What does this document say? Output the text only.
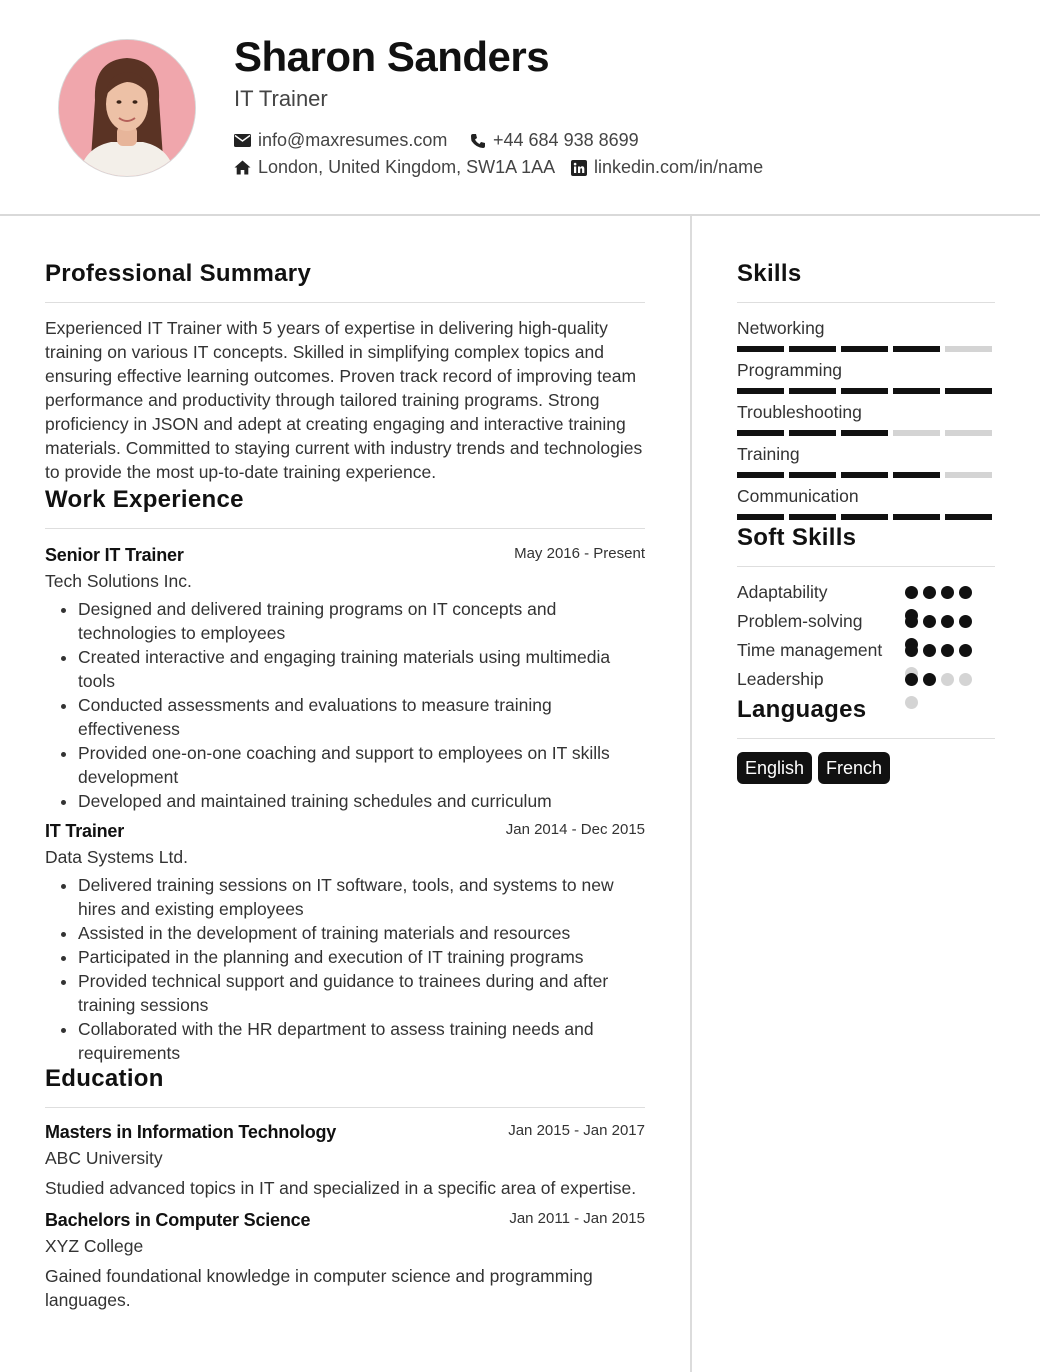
Sharon Sanders
IT Trainer
info@maxresumes.com	+44 684 938 8699
London, United Kingdom, SW1A 1AA linkedin.com/in/name
Professional Summary

Experienced IT Trainer with 5 years of expertise in delivering high-quality training on various IT concepts. Skilled in simplifying complex topics and ensuring effective learning outcomes. Proven track record of improving team performance and productivity through tailored training programs. Strong proficiency in JSON and adept at creating engaging and interactive training materials. Committed to staying current with industry trends and technologies to provide the most up-to-date training experience.

Work Experience
Senior IT Trainer	May 2016 - Present
Tech Solutions Inc.
• Designed and delivered training programs on IT concepts and technologies to employees
• Created interactive and engaging training materials using multimedia tools
• Conducted assessments and evaluations to measure training effectiveness
• Provided one-on-one coaching and support to employees on IT skills development
• Developed and maintained training schedules and curriculum
IT Trainer	Jan 2014 - Dec 2015
Data Systems Ltd.
• Delivered training sessions on IT software, tools, and systems to new hires and existing employees
• Assisted in the development of training materials and resources
• Participated in the planning and execution of IT training programs
• Provided technical support and guidance to trainees during and after training sessions
• Collaborated with the HR department to assess training needs and requirements
Education
Masters in Information Technology	Jan 2015 - Jan 2017
ABC University

Studied advanced topics in IT and specialized in a specific area of expertise.

Bachelors in Computer Science	Jan 2011 - Jan 2015
XYZ College

Gained foundational knowledge in computer science and programming languages.

Skills
Networking
Programming
Troubleshooting
Training
Communication
Soft Skills
Adaptability
Problem-solving
Time management
Leadership
Languages
English	French
